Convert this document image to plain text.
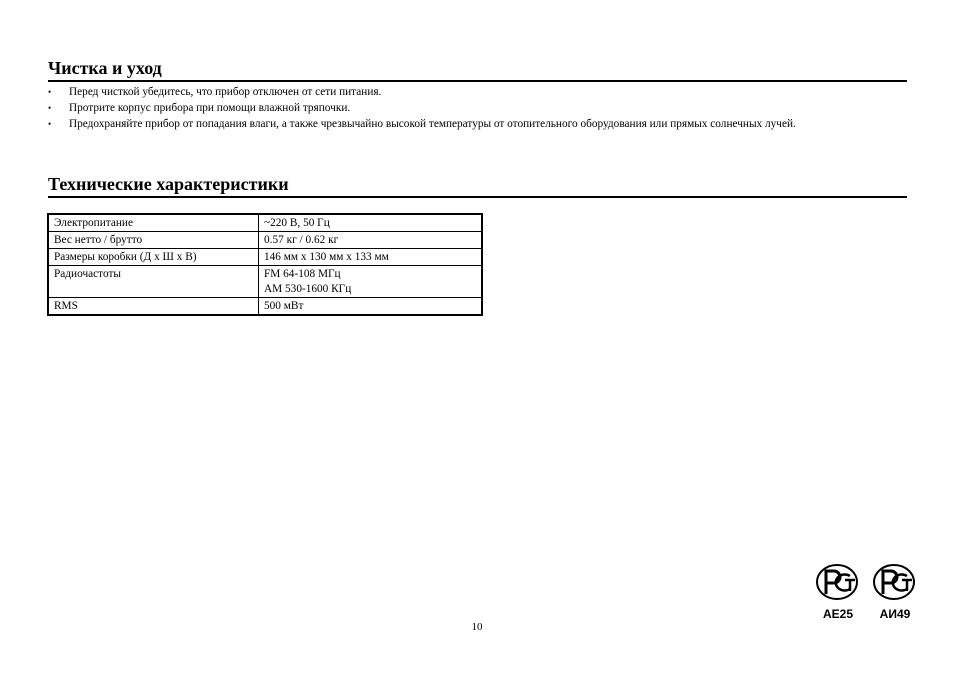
Чистка и уход
• Перед чисткой убедитесь, что прибор отключен от сети питания.
• Протрите корпус прибора при помощи влажной тряпочки.
• Предохраняйте прибор от попадания влаги, а также чрезвычайно высокой температуры от отопительного оборудования или прямых солнечных лучей.
Технические характеристики
Электропитание	~220 В, 50 Гц
Вес нетто / брутто	0.57 кг / 0.62 кг
Размеры коробки (Д х Ш х В)	146 мм х 130 мм х 133 мм
Радиочастоты	FM 64-108 МГц
АМ 530-1600 КГц

RMS	500 мВт
АЕ25	АИ49
10
